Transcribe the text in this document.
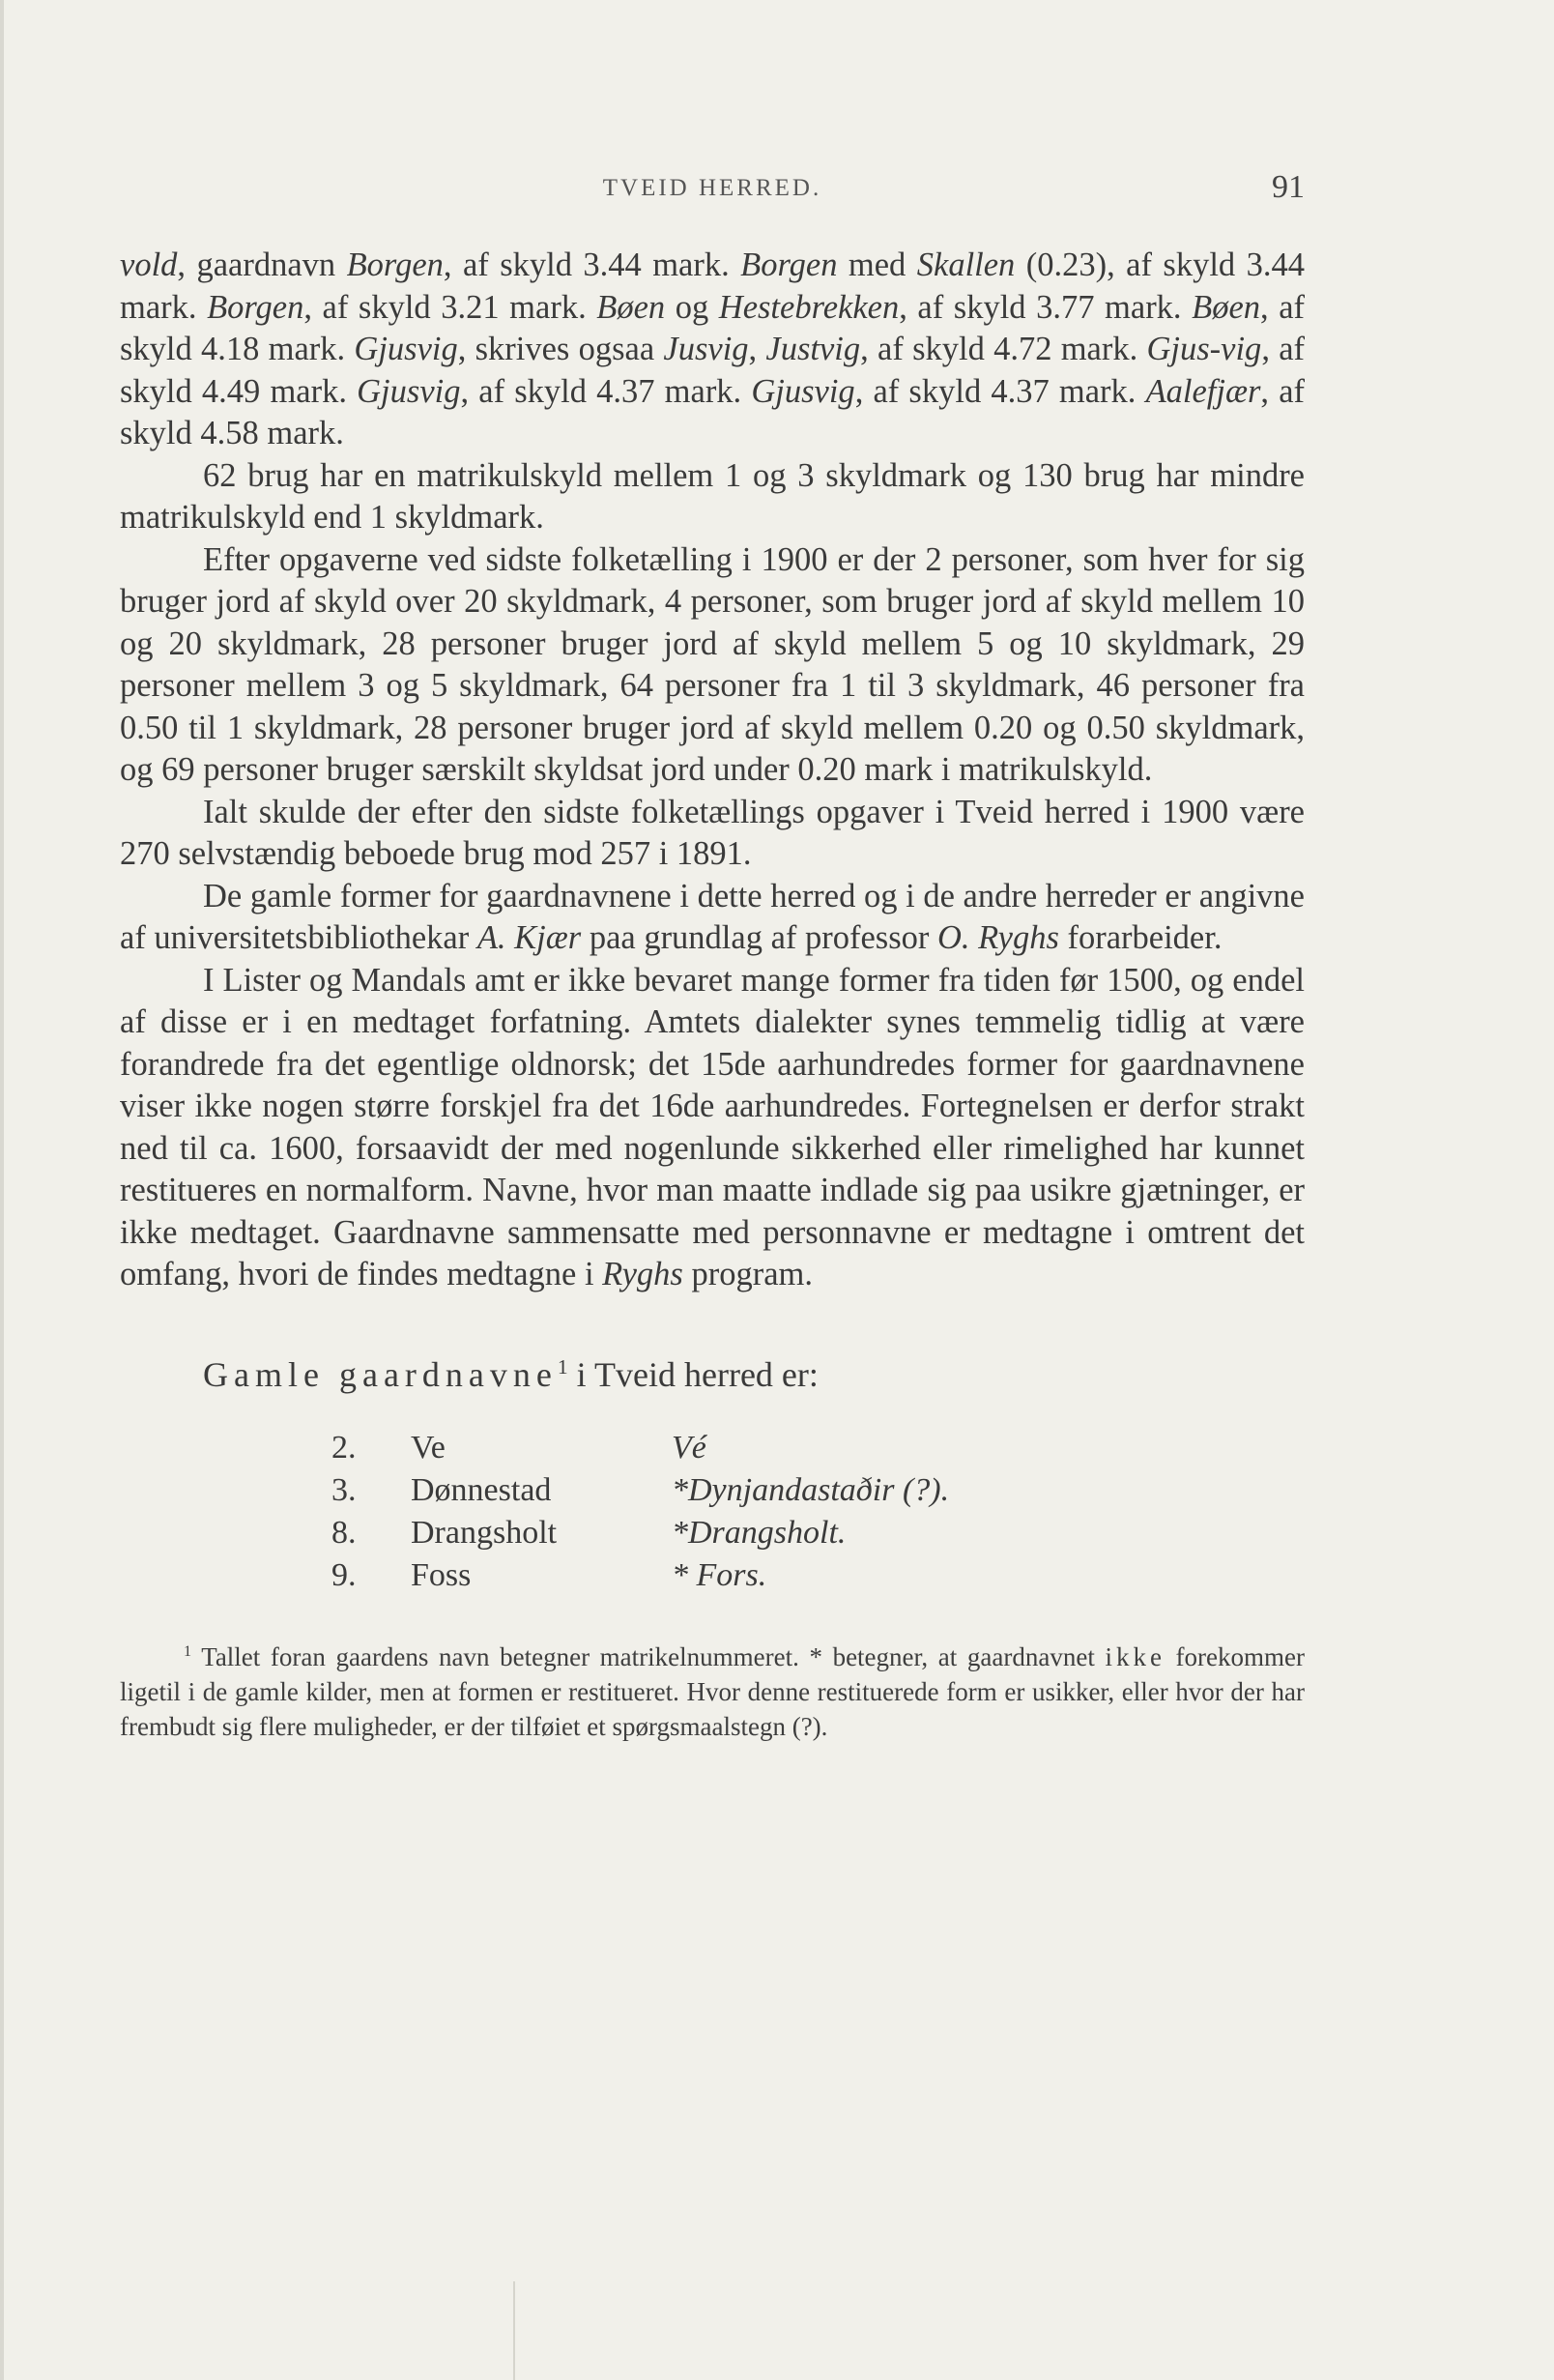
TVEID HERRED.	91

vold, gaardnavn Borgen, af skyld 3.44 mark. Borgen med Skallen (0.23), af skyld 3.44 mark. Borgen, af skyld 3.21 mark. Bøen og Hestebrekken, af skyld 3.77 mark. Bøen, af skyld 4.18 mark. Gjusvig, skrives ogsaa Jusvig, Justvig, af skyld 4.72 mark. Gjus-vig, af skyld 4.49 mark. Gjusvig, af skyld 4.37 mark. Gjusvig, af skyld 4.37 mark. Aalefjær, af skyld 4.58 mark.

62 brug har en matrikulskyld mellem 1 og 3 skyldmark og 130 brug har mindre matrikulskyld end 1 skyldmark.

Efter opgaverne ved sidste folketælling i 1900 er der 2 personer, som hver for sig bruger jord af skyld over 20 skyldmark, 4 personer, som bruger jord af skyld mellem 10 og 20 skyldmark, 28 personer bruger jord af skyld mellem 5 og 10 skyldmark, 29 personer mellem 3 og 5 skyldmark, 64 personer fra 1 til 3 skyldmark, 46 personer fra 0.50 til 1 skyldmark, 28 personer bruger jord af skyld mellem 0.20 og 0.50 skyldmark, og 69 personer bruger særskilt skyldsat jord under 0.20 mark i matrikulskyld.

Ialt skulde der efter den sidste folketællings opgaver i Tveid herred i 1900 være 270 selvstændig beboede brug mod 257 i 1891.

De gamle former for gaardnavnene i dette herred og i de andre herreder er angivne af universitetsbibliothekar A. Kjær paa grundlag af professor O. Ryghs forarbeider.

I Lister og Mandals amt er ikke bevaret mange former fra tiden før 1500, og endel af disse er i en medtaget forfatning. Amtets dialekter synes temmelig tidlig at være forandrede fra det egentlige oldnorsk; det 15de aarhundredes former for gaardnavnene viser ikke nogen større forskjel fra det 16de aarhundredes. Fortegnelsen er derfor strakt ned til ca. 1600, forsaavidt der med nogenlunde sikkerhed eller rimelighed har kunnet restitueres en normalform. Navne, hvor man maatte indlade sig paa usikre gjætninger, er ikke medtaget. Gaardnavne sammensatte med personnavne er medtagne i omtrent det omfang, hvori de findes medtagne i Ryghs program.

Gamle gaardnavne$^1$ i Tveid herred er:
2.	Ve	Vé
3.	Dønnestad	*Dynjandastaðir (?).
8.	Drangsholt	*Drangsholt.
9.	Foss	* Fors.
$^1$ Tallet foran gaardens navn betegner matrikelnummeret. * betegner, at gaardnavnet ikke forekommer ligetil i de gamle kilder, men at formen er restitueret. Hvor denne restituerede form er usikker, eller hvor der har frembudt sig flere muligheder, er der tilføiet et spørgsmaalstegn (?).
